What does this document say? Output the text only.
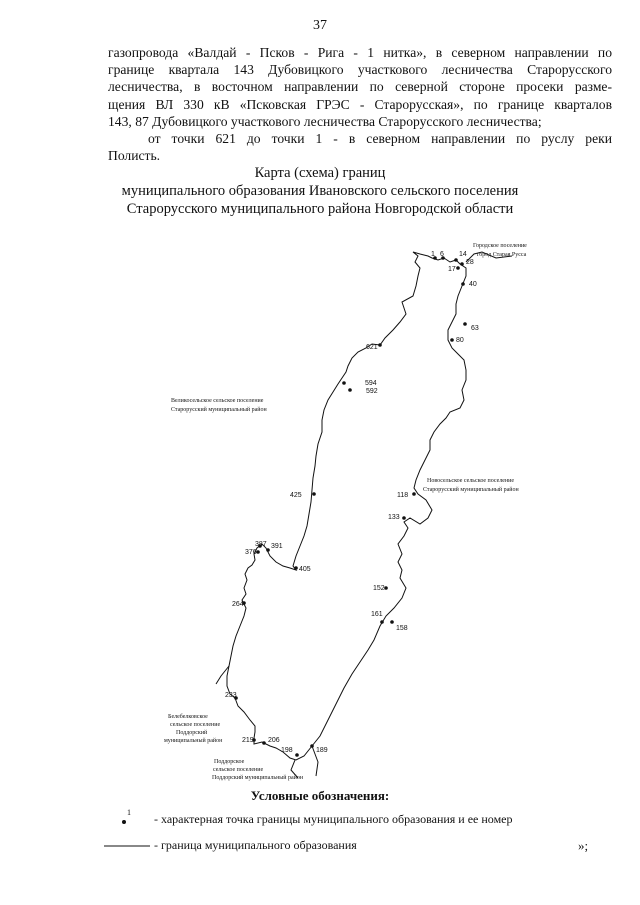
37
газопровода «Валдай - Псков - Рига - 1 нитка», в северном направлении по
границе квартала 143 Дубовицкого участкового лесничества Старорусского
лесничества, в восточном направлении по северной стороне просеки разме-
щения ВЛ 330 кВ «Псковская ГРЭС - Старорусская», по границе кварталов
143, 87 Дубовицкого участкового лесничества Старорусского лесничества;
от точки 621 до точки 1 - в северном направлении по руслу реки
Полисть.
Карта (схема) границ
муниципального образования Ивановского сельского поселения
Старорусского муниципального района Новгородской области
1 6 14
28
17
40
63
80
621
594
592
425	118
133
387 391
376
405
152
264
161
158
233
219 206
198	189
Городское поселение
город Старая Русса
Великосельское сельское поселение
Старорусский муниципальный район
Новосельское сельское поселение
Старорусский муниципальный район
Белебелковское
сельское поселение
Поддорский
муниципальный район
Поддорское
сельское поселение
Поддорский муниципальный район
1
Условные обозначения:
- характерная точка границы муниципального образования и ее номер
- граница муниципального образования	»;
